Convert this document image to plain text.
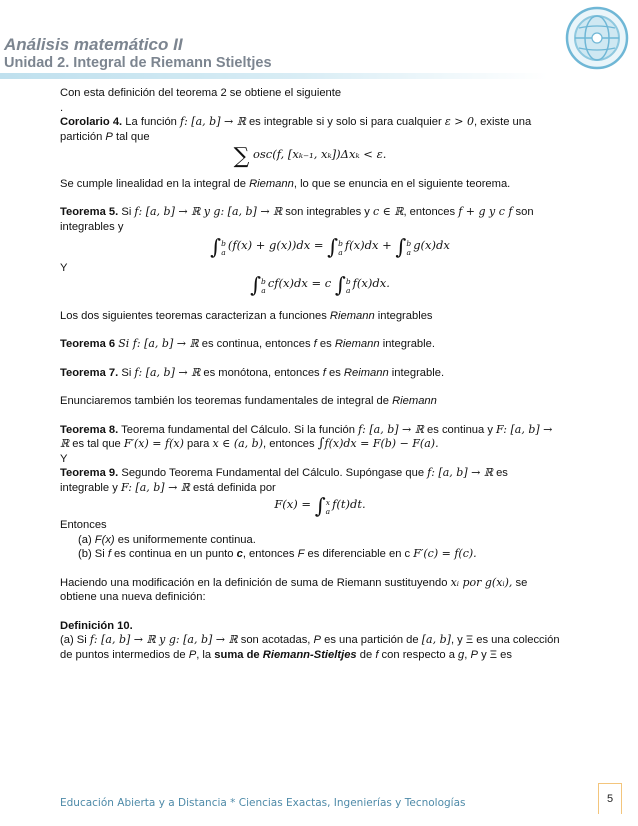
Análisis matemático II
Unidad 2. Integral de Riemann Stieltjes

Con esta definición del teorema 2 se obtiene el siguiente
.

Corolario 4. La función f: [a, b] → ℝ es integrable si y solo si para cualquier ε > 0, existe una partición P tal que

∑ osc(f, [xₖ₋₁, xₖ])Δxₖ < ε.

Se cumple linealidad en la integral de Riemann, lo que se enuncia en el siguiente teorema.

Teorema 5. Si f: [a, b] → ℝ y g: [a, b] → ℝ son integrables y c ∈ ℝ, entonces f + g y c f son integrables y

∫b
a(f(x) + g(x))dx = ∫b
af(x)dx + ∫b
ag(x)dx

Y

∫b
acf(x)dx = c ∫b
af(x)dx.

Los dos siguientes teoremas caracterizan a funciones Riemann integrables

Teorema 6 Si f: [a, b] → ℝ es continua, entonces f es Riemann integrable.

Teorema 7. Si f: [a, b] → ℝ es monótona, entonces f es Reimann integrable.

Enunciaremos también los teoremas fundamentales de integral de Riemann

Teorema 8. Teorema fundamental del Cálculo. Si la función f: [a, b] → ℝ es continua y F: [a, b] → ℝ es tal que F′(x) = f(x) para x ∈ (a, b), entonces ∫f(x)dx = F(b) − F(a).

Y

Teorema 9. Segundo Teorema Fundamental del Cálculo. Supóngase que f: [a, b] → ℝ es integrable y F: [a, b] → ℝ está definida por

F(x) = ∫x
af(t)dt.

Entonces

(a) F(x) es uniformemente continua.

(b) Si f es continua en un punto c, entonces F es diferenciable en c F′(c) = f(c).

Haciendo una modificación en la definición de suma de Riemann sustituyendo xᵢ por g(xᵢ), se obtiene una nueva definición:

Definición 10.

(a) Si f: [a, b] → ℝ y g: [a, b] → ℝ son acotadas, P es una partición de [a, b], y Ξ es una colección de puntos intermedios de P, la suma de Riemann-Stieltjes de f con respecto a g, P y Ξ es

Educación Abierta y a Distancia * Ciencias Exactas, Ingenierías y Tecnologías	5
